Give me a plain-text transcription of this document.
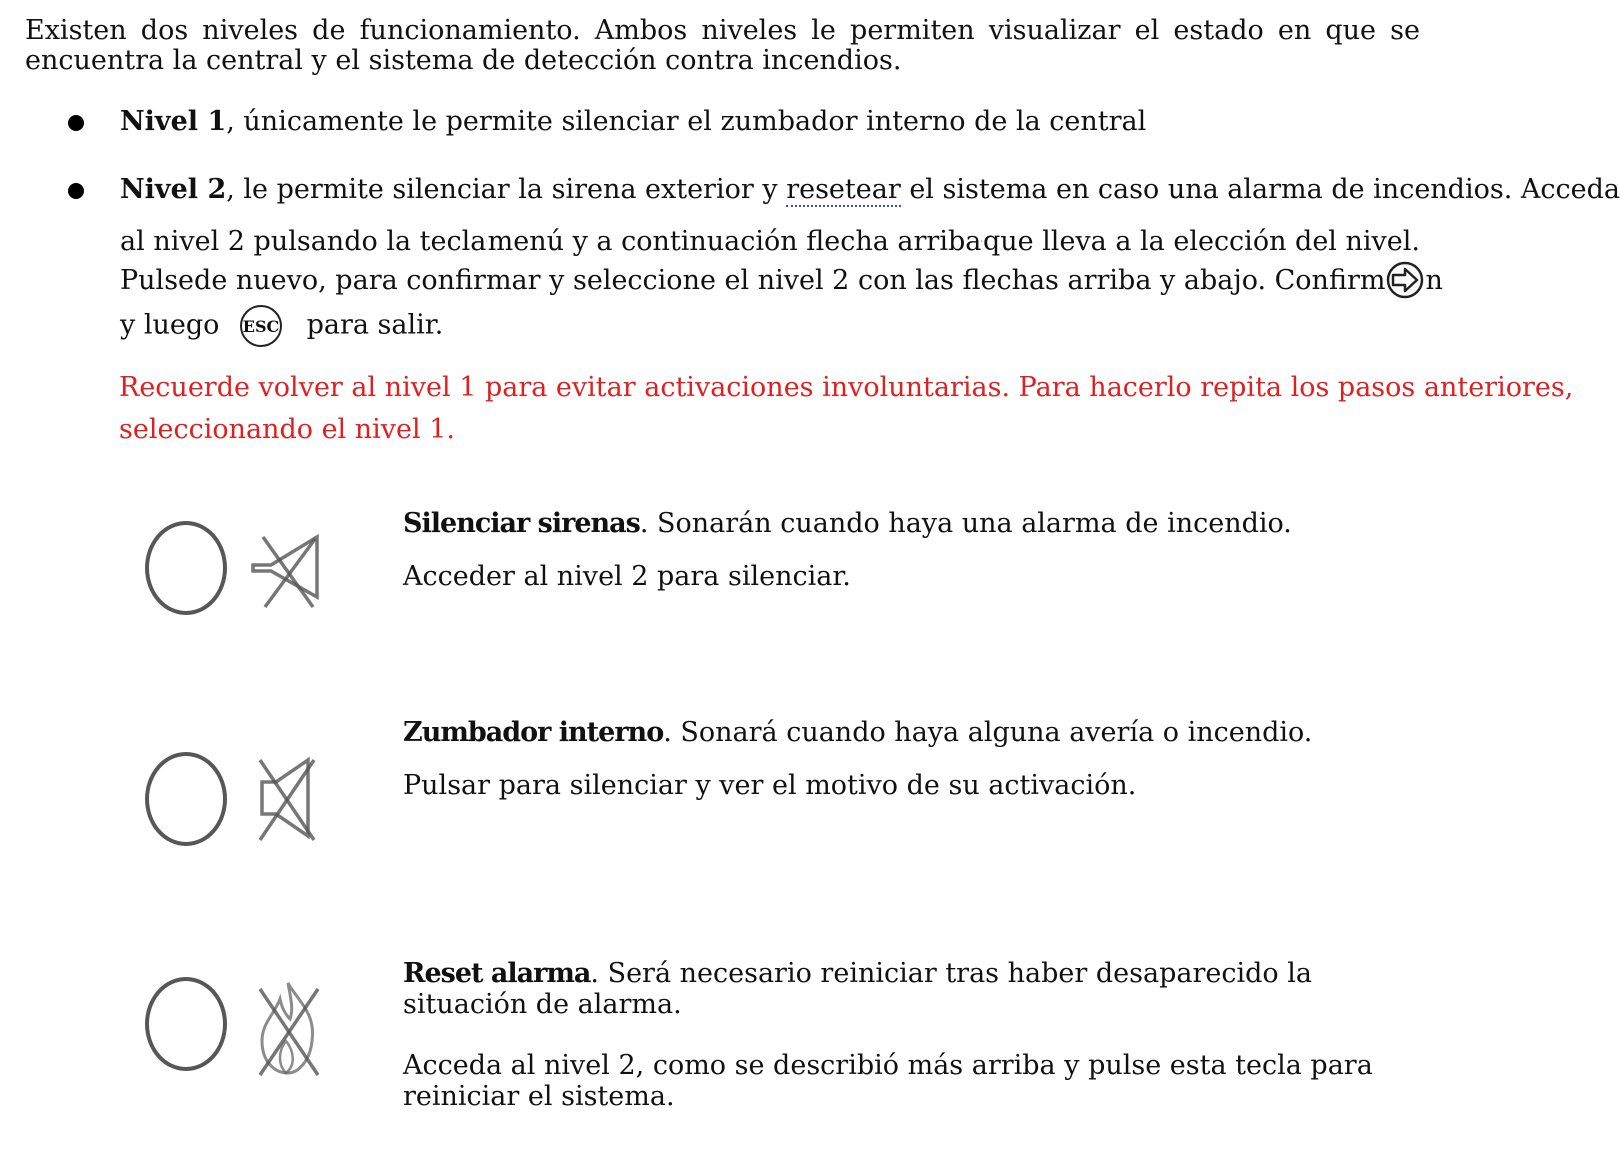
Existen dos niveles de funcionamiento. Ambos niveles le permiten visualizar el estado en que se encuentra la central y el sistema de detección contra incendios.
Nivel 1, únicamente le permite silenciar el zumbador interno de la central
Nivel 2, le permite silenciar la sirena exterior y resetear el sistema en caso una alarma de incendios. Acceda
al nivel 2 pulsando la tecla menú y a continuación flecha arriba que lleva a la elección del nivel.
Pulse de nuevo, para confirmar y seleccione el nivel 2 con las flechas arriba y abajo. Confirm n
y luego ESC para salir.
Recuerde volver al nivel 1 para evitar activaciones involuntarias. Para hacerlo repita los pasos anteriores,
seleccionando el nivel 1.

Silenciar sirenas. Sonarán cuando haya una alarma de incendio.

Acceder al nivel 2 para silenciar.

Zumbador interno. Sonará cuando haya alguna avería o incendio.

Pulsar para silenciar y ver el motivo de su activación.

Reset alarma. Será necesario reiniciar tras haber desaparecido la

situación de alarma.

Acceda al nivel 2, como se describió más arriba y pulse esta tecla para

reiniciar el sistema.
